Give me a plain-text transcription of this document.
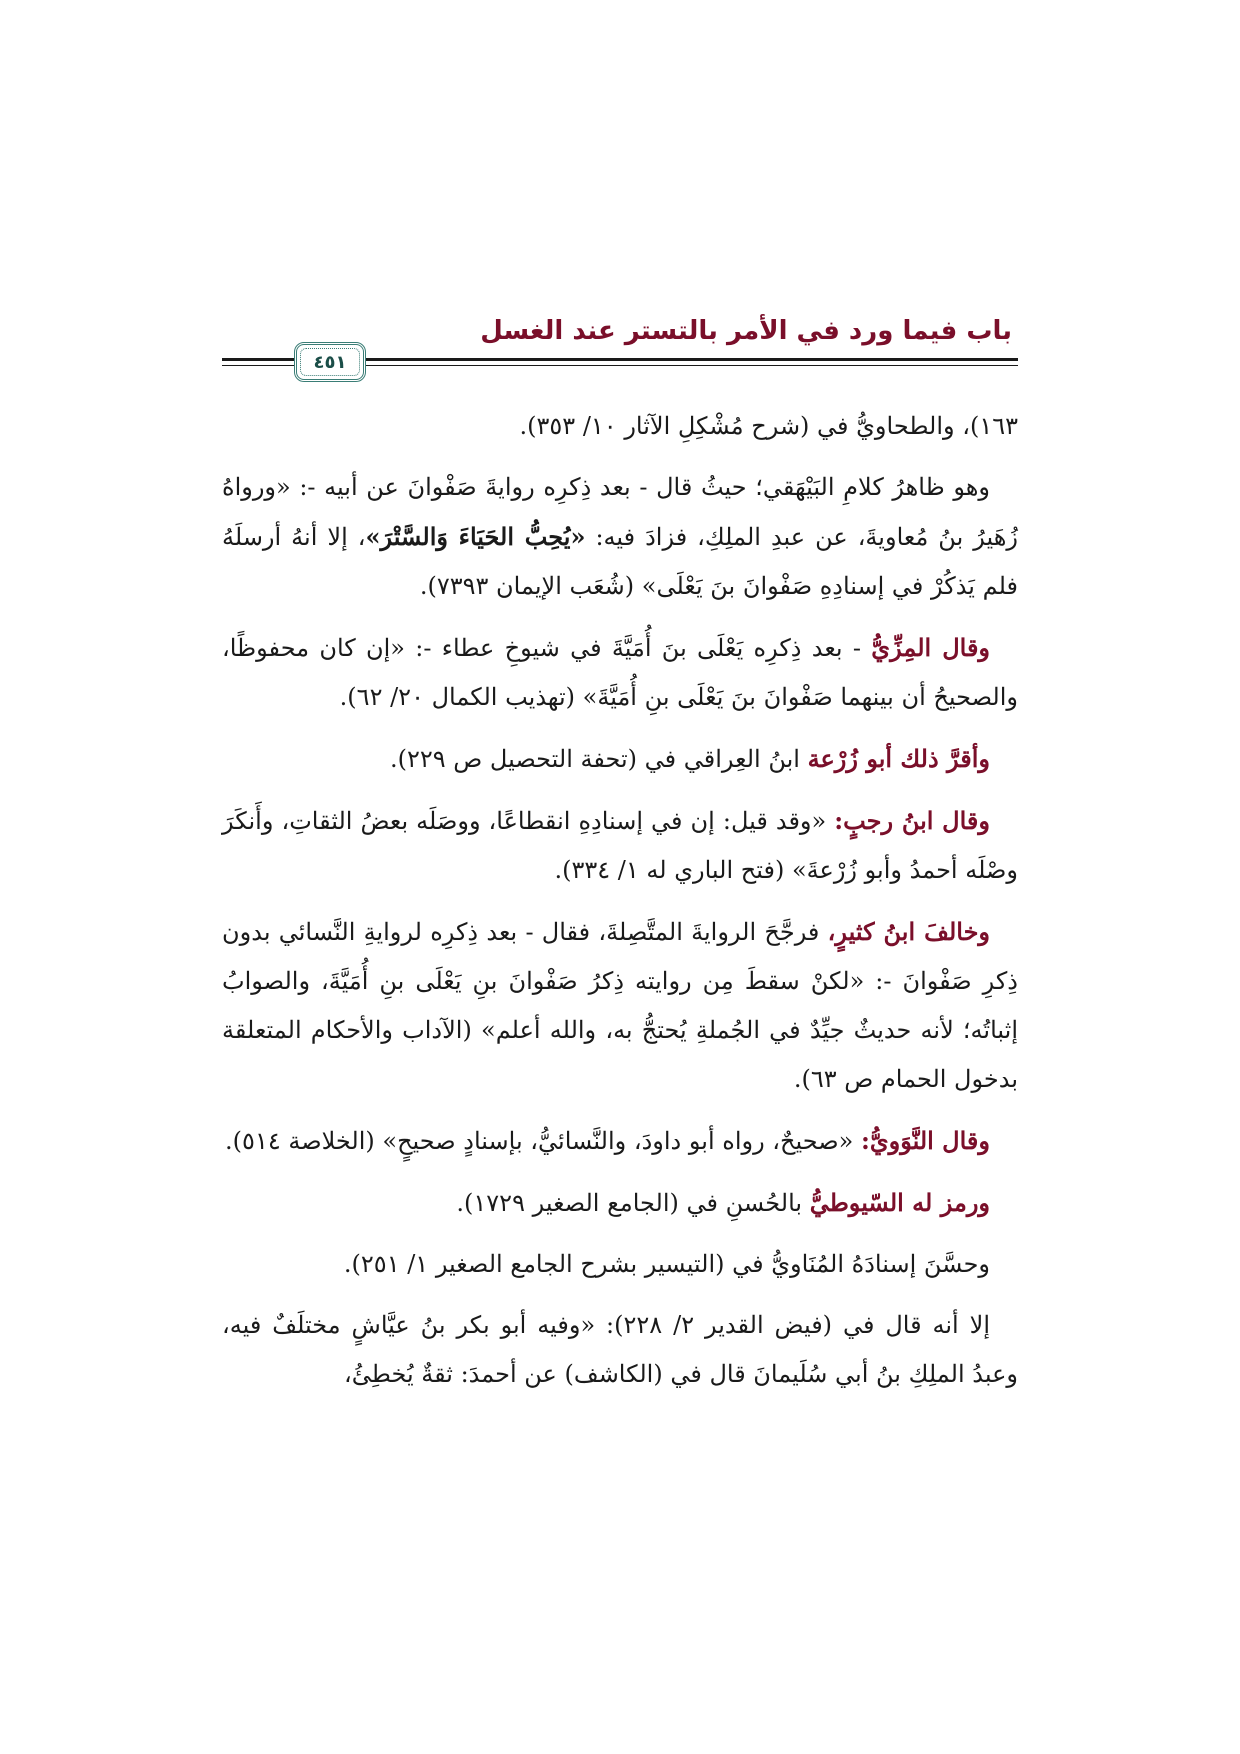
باب فيما ورد في الأمر بالتستر عند الغسل
٤٥١

١٦٣)، والطحاويُّ في (شرح مُشْكِلِ الآثار ١٠/ ٣٥٣).

وهو ظاهرُ كلامِ البَيْهَقي؛ حيثُ قال - بعد ذِكرِه روايةَ صَفْوانَ عن أبيه -: «ورواهُ زُهَيرُ بنُ مُعاويةَ، عن عبدِ الملِكِ، فزادَ فيه: «يُحِبُّ الحَيَاءَ وَالسَّتْرَ»، إلا أنهُ أرسلَهُ فلم يَذكُرْ في إسنادِهِ صَفْوانَ بنَ يَعْلَى» (شُعَب الإيمان ٧٣٩٣).

وقال المِزِّيُّ - بعد ذِكرِه يَعْلَى بنَ أُمَيَّةَ في شيوخِ عطاء -: «إن كان محفوظًا، والصحيحُ أن بينهما صَفْوانَ بنَ يَعْلَى بنِ أُمَيَّةَ» (تهذيب الكمال ٢٠/ ٦٢).

وأقرَّ ذلك أبو زُرْعة ابنُ العِراقي في (تحفة التحصيل ص ٢٢٩).

وقال ابنُ رجبٍ: «وقد قيل: إن في إسنادِهِ انقطاعًا، ووصَلَه بعضُ الثقاتِ، وأَنكَرَ وصْلَه أحمدُ وأبو زُرْعةَ» (فتح الباري له ١/ ٣٣٤).

وخالفَ ابنُ كثيرٍ، فرجَّحَ الروايةَ المتَّصِلةَ، فقال - بعد ذِكرِه لروايةِ النَّسائي بدون ذِكرِ صَفْوانَ -: «لكنْ سقطَ مِن روايته ذِكرُ صَفْوانَ بنِ يَعْلَى بنِ أُمَيَّةَ، والصوابُ إثباتُه؛ لأنه حديثٌ جيِّدٌ في الجُملةِ يُحتجُّ به، والله أعلم» (الآداب والأحكام المتعلقة بدخول الحمام ص ٦٣).

وقال النَّوَويُّ: «صحيحٌ، رواه أبو داودَ، والنَّسائيُّ، بإسنادٍ صحيحٍ» (الخلاصة ٥١٤).

ورمز له السّيوطيُّ بالحُسنِ في (الجامع الصغير ١٧٢٩).

وحسَّنَ إسنادَهُ المُنَاويُّ في (التيسير بشرح الجامع الصغير ١/ ٢٥١).

إلا أنه قال في (فيض القدير ٢/ ٢٢٨): «وفيه أبو بكر بنُ عيَّاشٍ مختلَفٌ فيه، وعبدُ الملِكِ بنُ أبي سُلَيمانَ قال في (الكاشف) عن أحمدَ: ثقةٌ يُخطِئُ،
